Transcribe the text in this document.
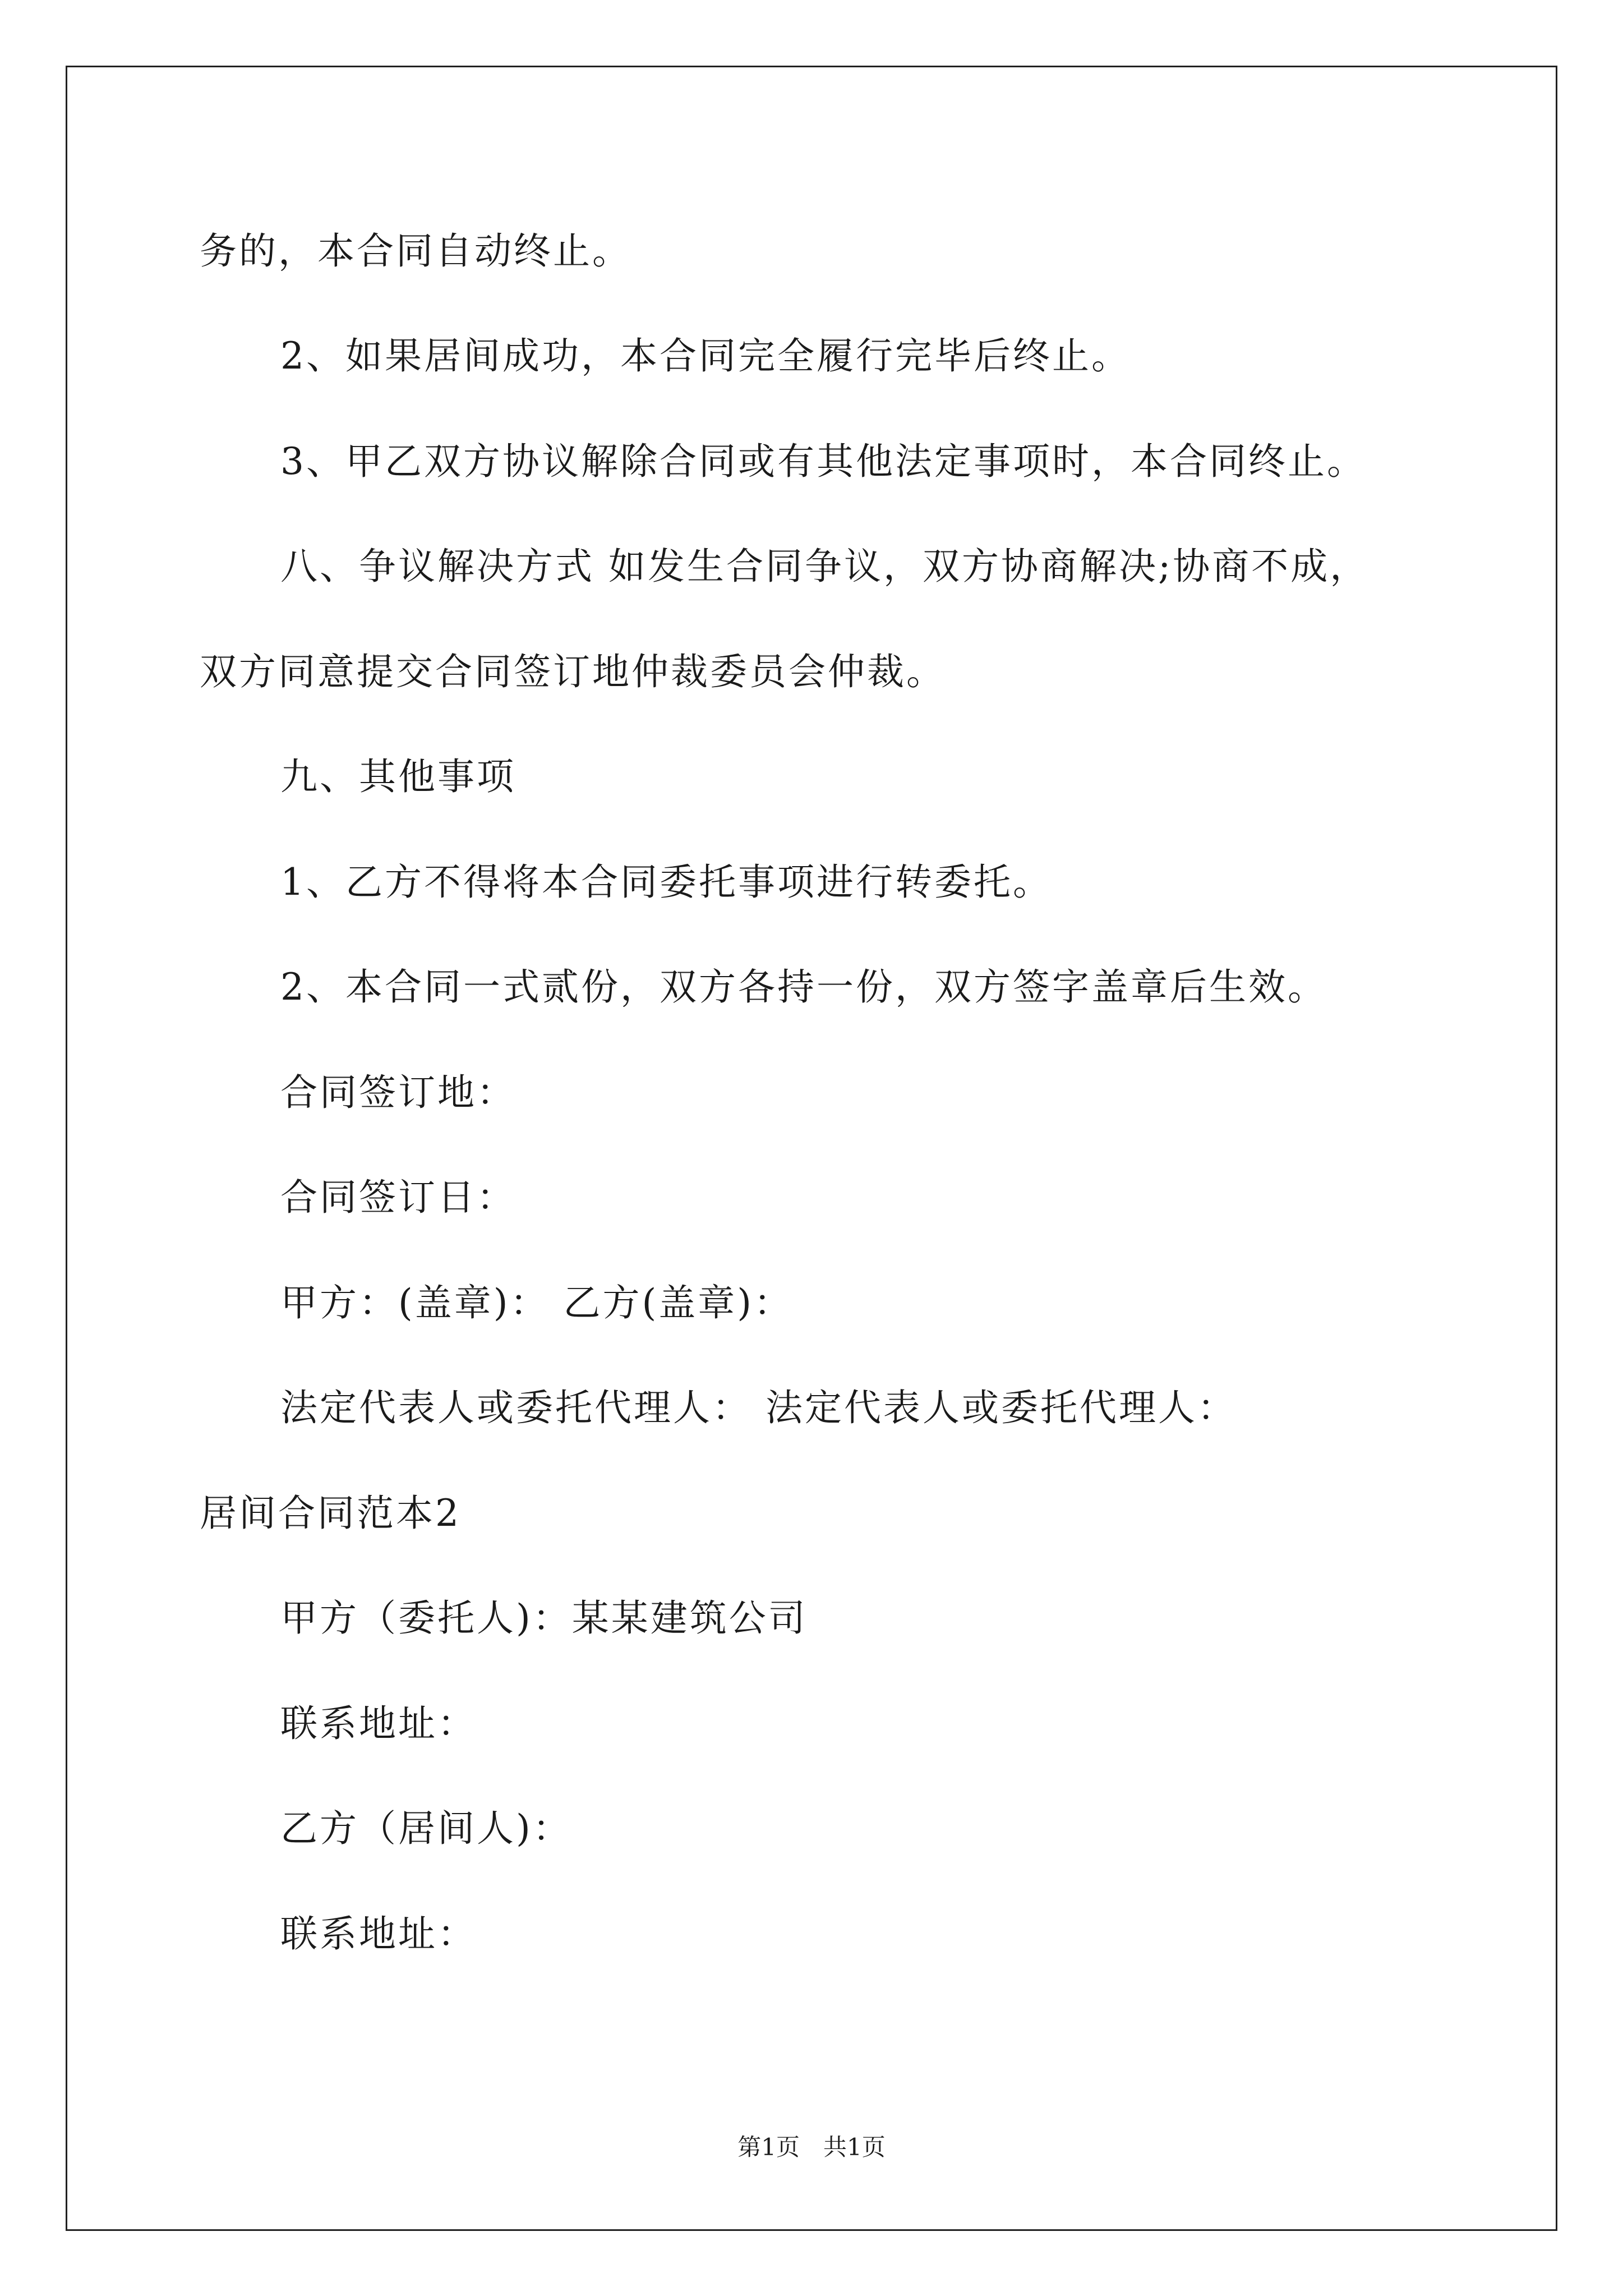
务的，本合同自动终止。
2、如果居间成功，本合同完全履行完毕后终止。
3、甲乙双方协议解除合同或有其他法定事项时，本合同终止。
八、争议解决方式 如发生合同争议，双方协商解决;协商不成，
双方同意提交合同签订地仲裁委员会仲裁。
九、其他事项
1、乙方不得将本合同委托事项进行转委托。
2、本合同一式贰份，双方各持一份，双方签字盖章后生效。
合同签订地：
合同签订日：
甲方：(盖章)： 乙方(盖章)：
法定代表人或委托代理人： 法定代表人或委托代理人：
居间合同范本2
甲方（委托人)：某某建筑公司
联系地址：
乙方（居间人)：
联系地址：
第1页　共1页
